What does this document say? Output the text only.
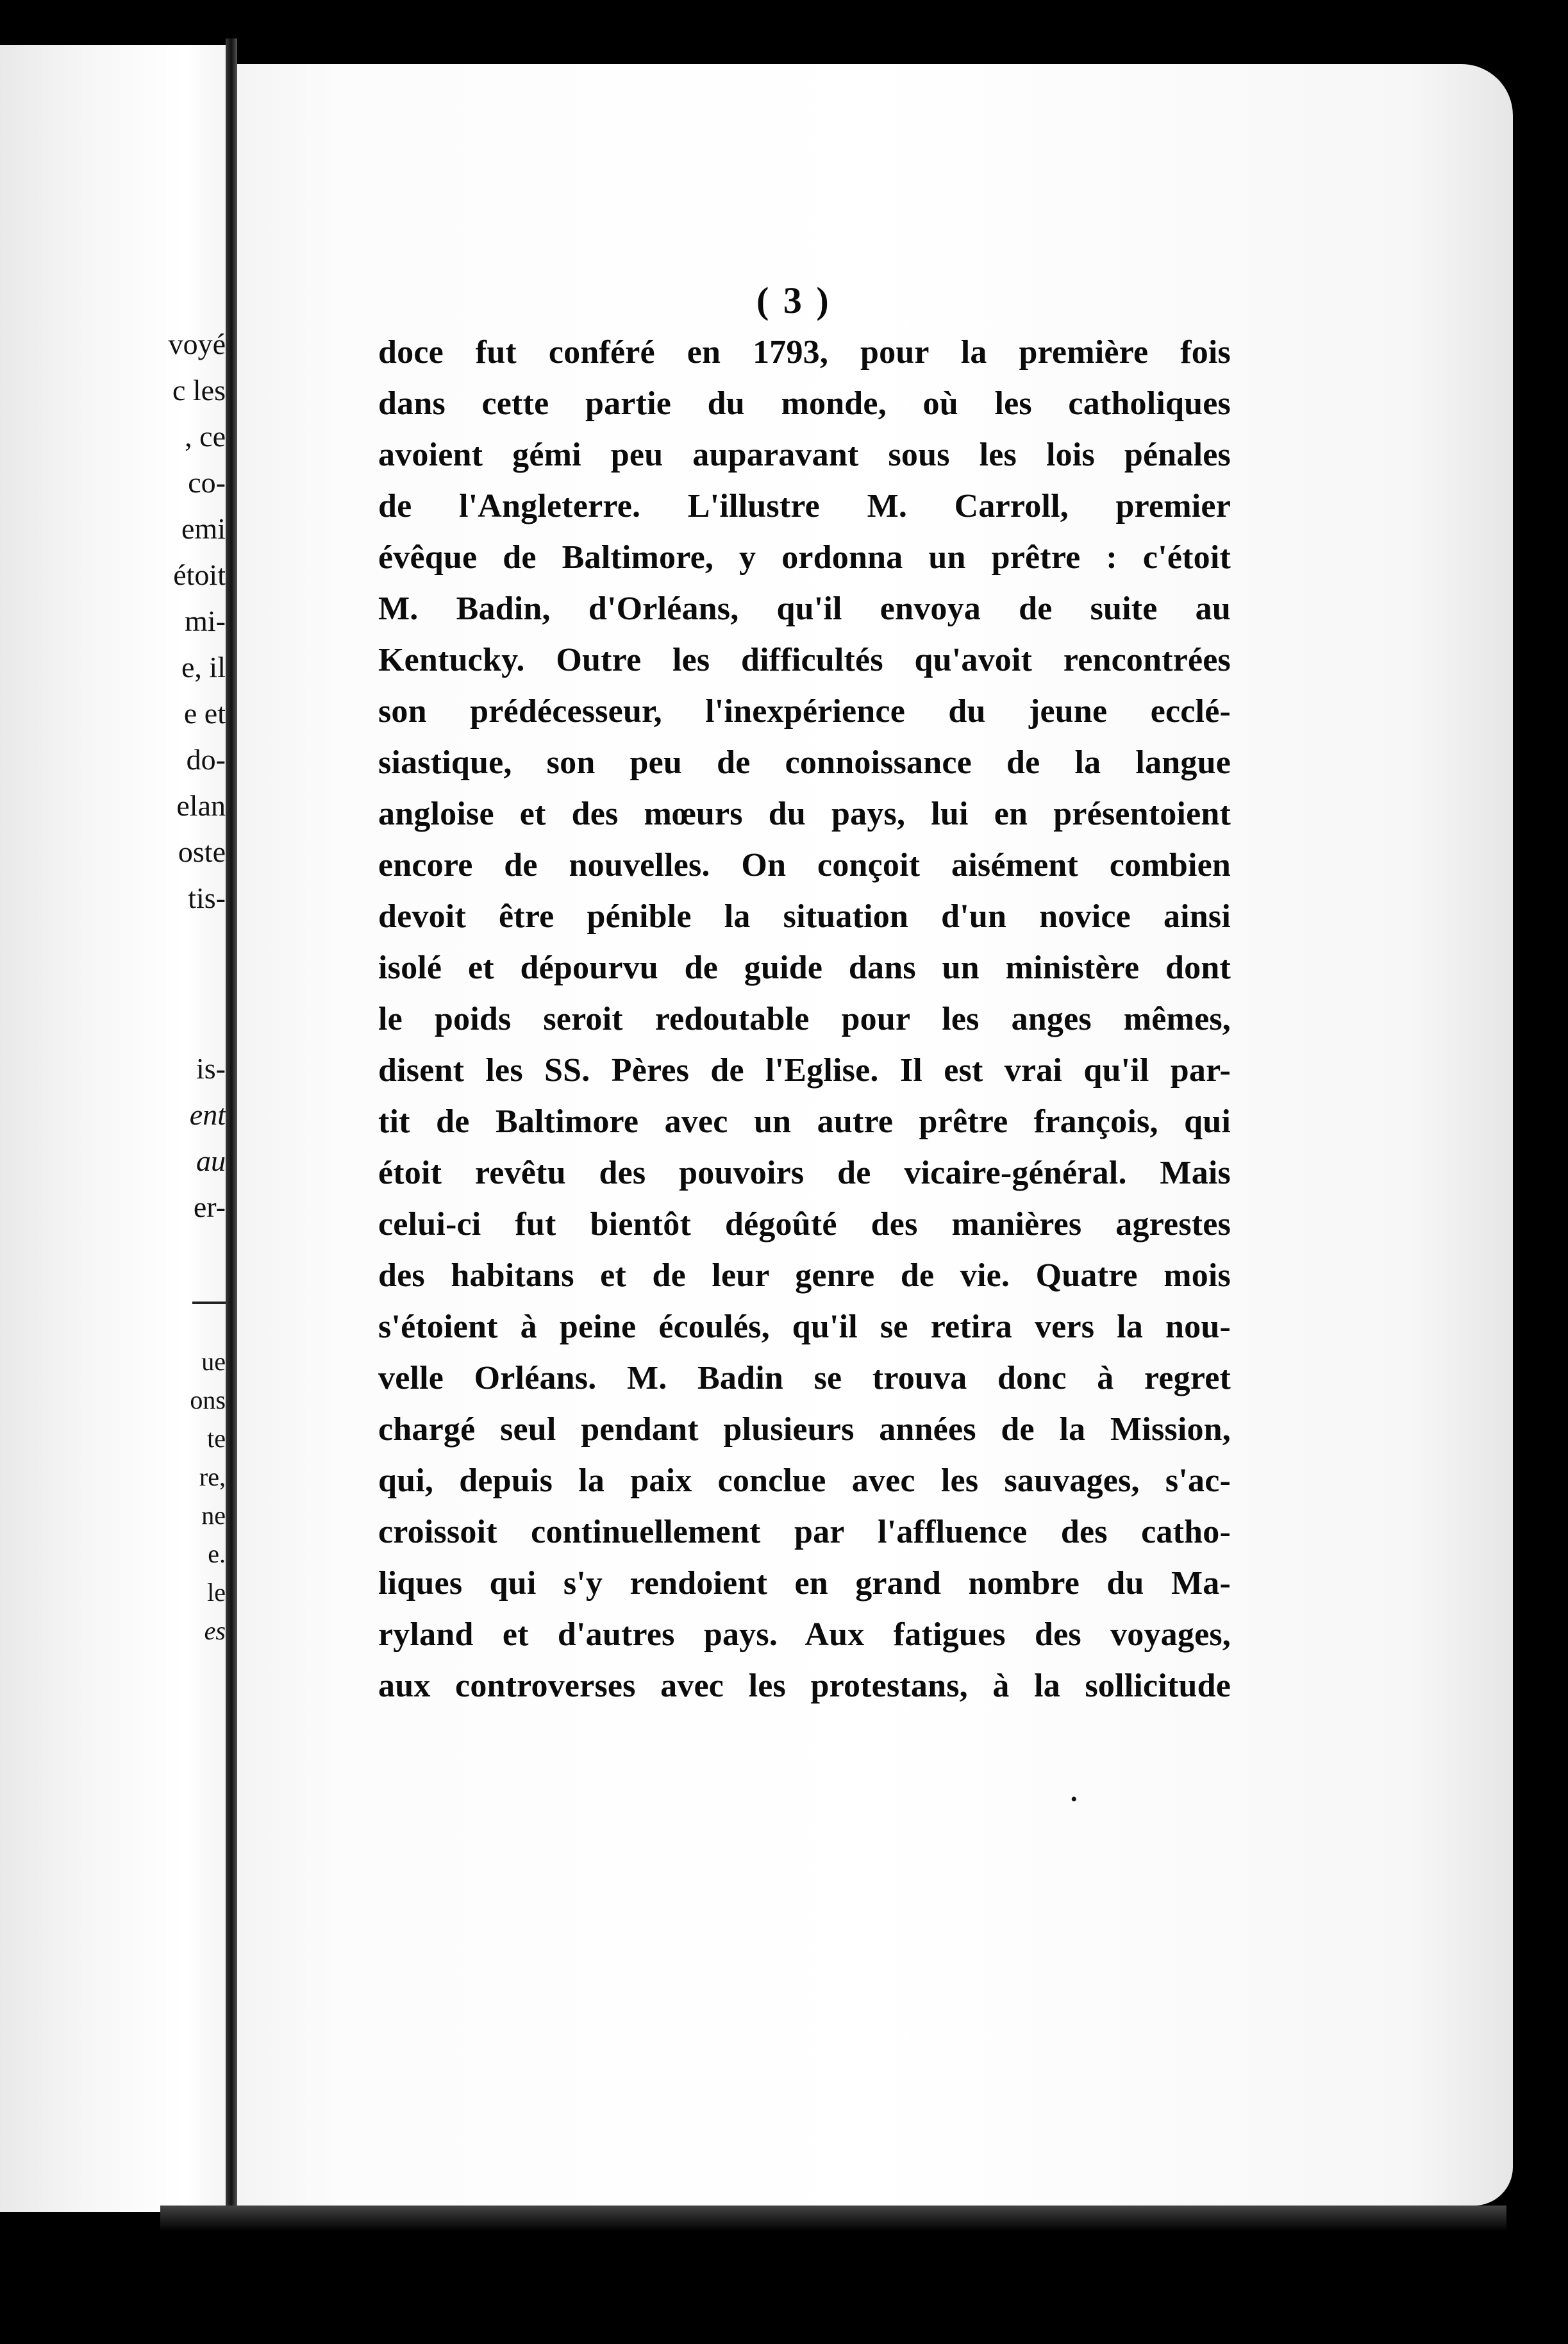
voyé
c les
, ce
co-
emi
étoit
mi-
e, il
e et
do-
elan
oste
tis-
is-
ent
au
er-
ue
ons
te
re,
ne
e.
le
es
( 3 )
doce fut conféré en 1793, pour la première fois
dans cette partie du monde, où les catholiques
avoient gémi peu auparavant sous les lois pénales
de l'Angleterre. L'illustre M. Carroll, premier
évêque de Baltimore, y ordonna un prêtre : c'étoit
M. Badin, d'Orléans, qu'il envoya de suite au
Kentucky. Outre les difficultés qu'avoit rencontrées
son prédécesseur, l'inexpérience du jeune ecclé-
siastique, son peu de connoissance de la langue
angloise et des mœurs du pays, lui en présentoient
encore de nouvelles. On conçoit aisément combien
devoit être pénible la situation d'un novice ainsi
isolé et dépourvu de guide dans un ministère dont
le poids seroit redoutable pour les anges mêmes,
disent les SS. Pères de l'Eglise. Il est vrai qu'il par-
tit de Baltimore avec un autre prêtre françois, qui
étoit revêtu des pouvoirs de vicaire-général. Mais
celui-ci fut bientôt dégoûté des manières agrestes
des habitans et de leur genre de vie. Quatre mois
s'étoient à peine écoulés, qu'il se retira vers la nou-
velle Orléans. M. Badin se trouva donc à regret
chargé seul pendant plusieurs années de la Mission,
qui, depuis la paix conclue avec les sauvages, s'ac-
croissoit continuellement par l'affluence des catho-
liques qui s'y rendoient en grand nombre du Ma-
ryland et d'autres pays. Aux fatigues des voyages,
aux controverses avec les protestans, à la sollicitude
•
